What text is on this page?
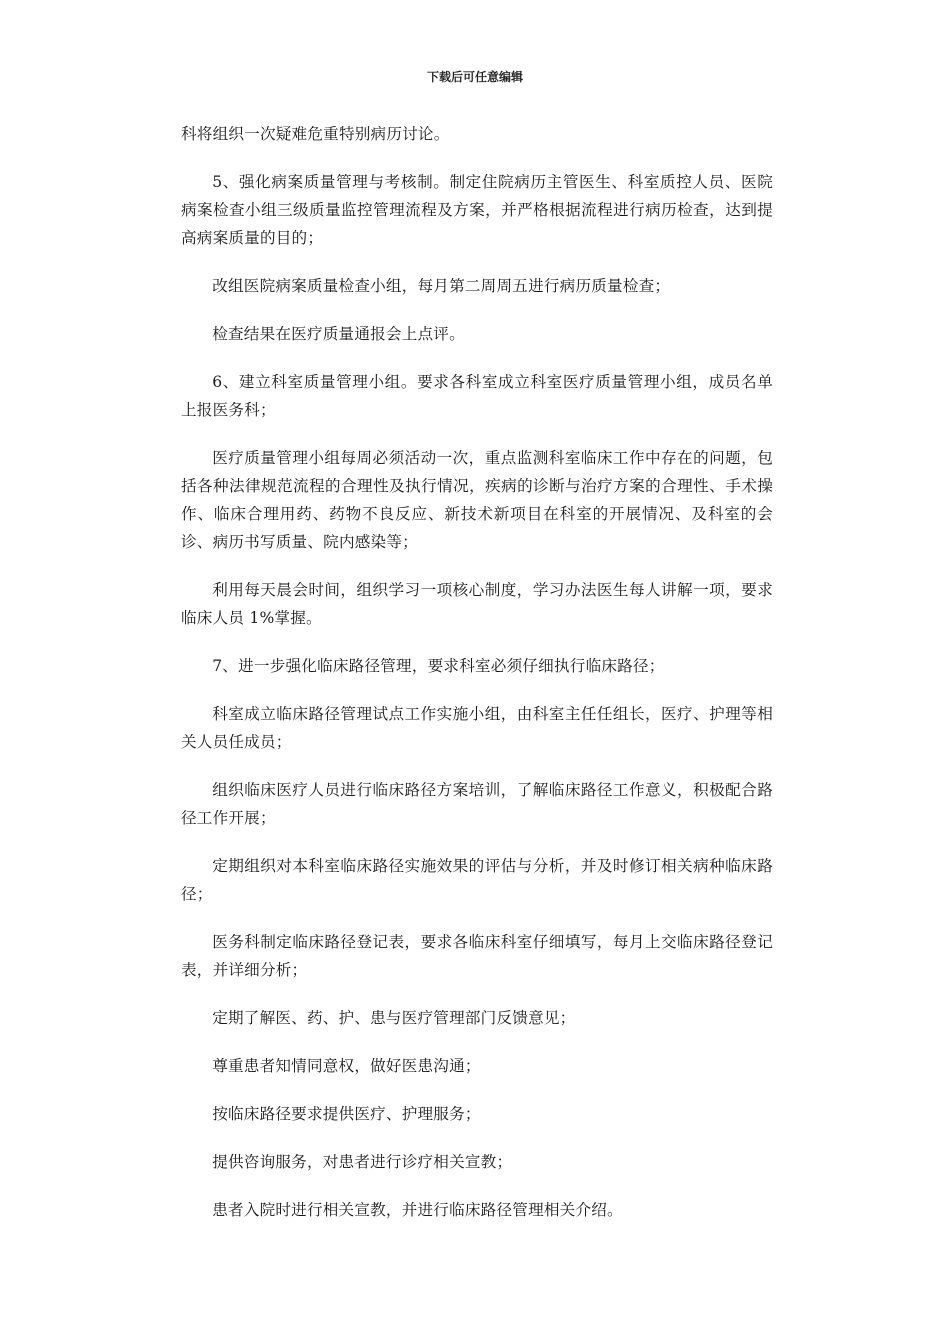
下载后可任意编辑

科将组织一次疑难危重特别病历讨论。

5、强化病案质量管理与考核制。制定住院病历主管医生、科室质控人员、医院病案检查小组三级质量监控管理流程及方案，并严格根据流程进行病历检查，达到提高病案质量的目的；

改组医院病案质量检查小组，每月第二周周五进行病历质量检查；

检查结果在医疗质量通报会上点评。

6、建立科室质量管理小组。要求各科室成立科室医疗质量管理小组，成员名单上报医务科；

医疗质量管理小组每周必须活动一次，重点监测科室临床工作中存在的问题，包括各种法律规范流程的合理性及执行情况，疾病的诊断与治疗方案的合理性、手术操作、临床合理用药、药物不良反应、新技术新项目在科室的开展情况、及科室的会诊、病历书写质量、院内感染等；

利用每天晨会时间，组织学习一项核心制度，学习办法医生每人讲解一项，要求临床人员 1%掌握。

7、进一步强化临床路径管理，要求科室必须仔细执行临床路径；

科室成立临床路径管理试点工作实施小组，由科室主任任组长，医疗、护理等相关人员任成员；

组织临床医疗人员进行临床路径方案培训，了解临床路径工作意义，积极配合路径工作开展；

定期组织对本科室临床路径实施效果的评估与分析，并及时修订相关病种临床路径；

医务科制定临床路径登记表，要求各临床科室仔细填写，每月上交临床路径登记表，并详细分析；

定期了解医、药、护、患与医疗管理部门反馈意见；

尊重患者知情同意权，做好医患沟通；

按临床路径要求提供医疗、护理服务；

提供咨询服务，对患者进行诊疗相关宣教；

患者入院时进行相关宣教，并进行临床路径管理相关介绍。
